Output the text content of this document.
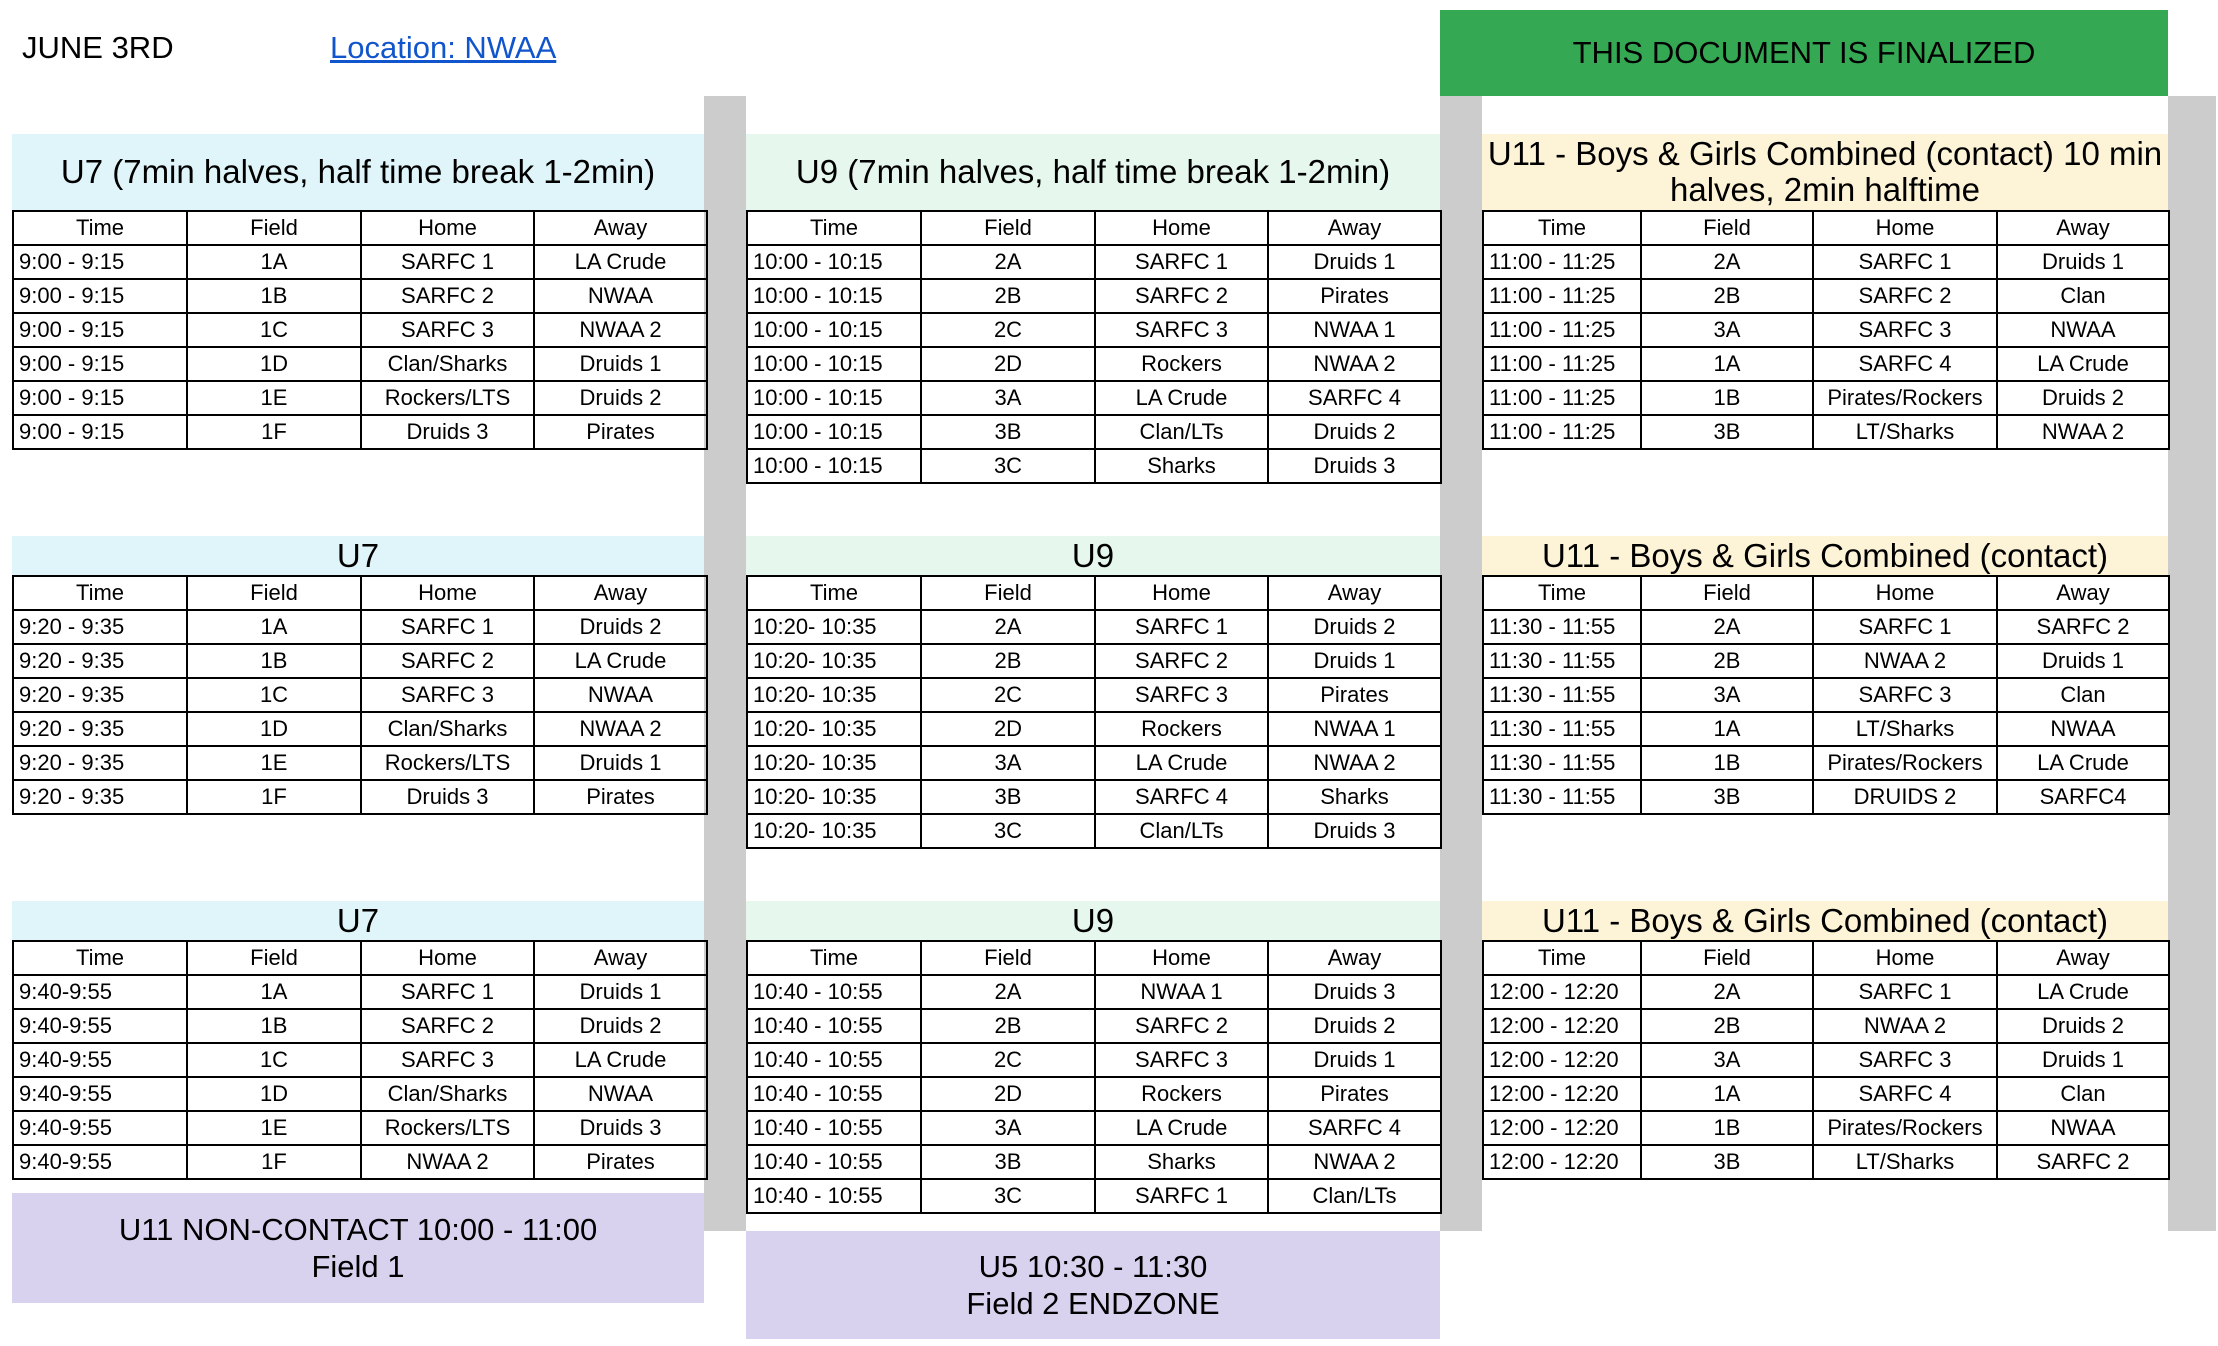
JUNE 3RD	Location: NWAA	THIS DOCUMENT IS FINALIZED
U7 (7min halves, half time break 1-2min)
U7
U7
U9 (7min halves, half time break 1-2min)
U9
U9
U11 - Boys & Girls Combined (contact) 10 min
halves, 2min halftime
U11 - Boys & Girls Combined (contact)
U11 - Boys & Girls Combined (contact)
Time	Field	Home	Away
9:00 - 9:15	1A	SARFC 1	LA Crude
9:00 - 9:15	1B	SARFC 2	NWAA
9:00 - 9:15	1C	SARFC 3	NWAA 2
9:00 - 9:15	1D	Clan/Sharks	Druids 1
9:00 - 9:15	1E	Rockers/LTS	Druids 2
9:00 - 9:15	1F	Druids 3	Pirates
Time	Field	Home	Away
9:20 - 9:35	1A	SARFC 1	Druids 2
9:20 - 9:35	1B	SARFC 2	LA Crude
9:20 - 9:35	1C	SARFC 3	NWAA
9:20 - 9:35	1D	Clan/Sharks	NWAA 2
9:20 - 9:35	1E	Rockers/LTS	Druids 1
9:20 - 9:35	1F	Druids 3	Pirates
Time	Field	Home	Away
9:40-9:55	1A	SARFC 1	Druids 1
9:40-9:55	1B	SARFC 2	Druids 2
9:40-9:55	1C	SARFC 3	LA Crude
9:40-9:55	1D	Clan/Sharks	NWAA
9:40-9:55	1E	Rockers/LTS	Druids 3
9:40-9:55	1F	NWAA 2	Pirates
Time	Field	Home	Away
10:00 - 10:15	2A	SARFC 1	Druids 1
10:00 - 10:15	2B	SARFC 2	Pirates
10:00 - 10:15	2C	SARFC 3	NWAA 1
10:00 - 10:15	2D	Rockers	NWAA 2
10:00 - 10:15	3A	LA Crude	SARFC 4
10:00 - 10:15	3B	Clan/LTs	Druids 2
10:00 - 10:15	3C	Sharks	Druids 3
Time	Field	Home	Away
10:20- 10:35	2A	SARFC 1	Druids 2
10:20- 10:35	2B	SARFC 2	Druids 1
10:20- 10:35	2C	SARFC 3	Pirates
10:20- 10:35	2D	Rockers	NWAA 1
10:20- 10:35	3A	LA Crude	NWAA 2
10:20- 10:35	3B	SARFC 4	Sharks
10:20- 10:35	3C	Clan/LTs	Druids 3
Time	Field	Home	Away
10:40 - 10:55	2A	NWAA 1	Druids 3
10:40 - 10:55	2B	SARFC 2	Druids 2
10:40 - 10:55	2C	SARFC 3	Druids 1
10:40 - 10:55	2D	Rockers	Pirates
10:40 - 10:55	3A	LA Crude	SARFC 4
10:40 - 10:55	3B	Sharks	NWAA 2
10:40 - 10:55	3C	SARFC 1	Clan/LTs
Time	Field	Home	Away
11:00 - 11:25	2A	SARFC 1	Druids 1
11:00 - 11:25	2B	SARFC 2	Clan
11:00 - 11:25	3A	SARFC 3	NWAA
11:00 - 11:25	1A	SARFC 4	LA Crude
11:00 - 11:25	1B	Pirates/Rockers	Druids 2
11:00 - 11:25	3B	LT/Sharks	NWAA 2
Time	Field	Home	Away
11:30 - 11:55	2A	SARFC 1	SARFC 2
11:30 - 11:55	2B	NWAA 2	Druids 1
11:30 - 11:55	3A	SARFC 3	Clan
11:30 - 11:55	1A	LT/Sharks	NWAA
11:30 - 11:55	1B	Pirates/Rockers	LA Crude
11:30 - 11:55	3B	DRUIDS 2	SARFC4
Time	Field	Home	Away
12:00 - 12:20	2A	SARFC 1	LA Crude
12:00 - 12:20	2B	NWAA 2	Druids 2
12:00 - 12:20	3A	SARFC 3	Druids 1
12:00 - 12:20	1A	SARFC 4	Clan
12:00 - 12:20	1B	Pirates/Rockers	NWAA
12:00 - 12:20	3B	LT/Sharks	SARFC 2
U11 NON-CONTACT 10:00 - 11:00
Field 1	U5 10:30 - 11:30
Field 2 ENDZONE
